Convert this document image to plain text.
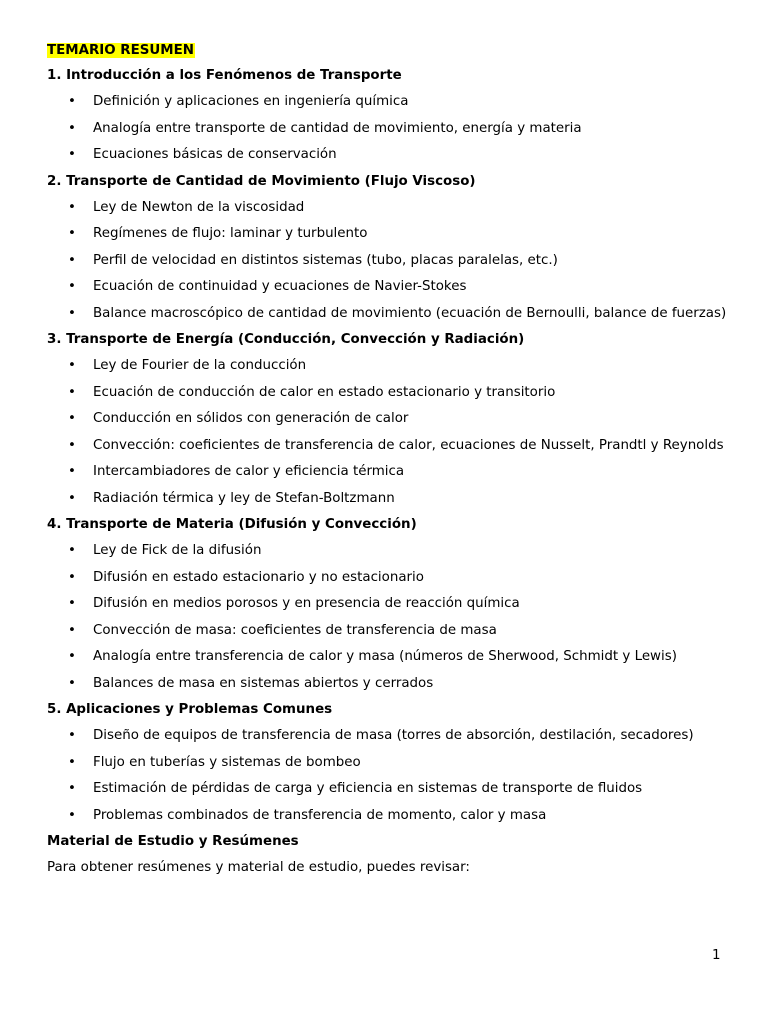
TEMARIO RESUMEN
1. Introducción a los Fenómenos de Transporte
• Definición y aplicaciones en ingeniería química
• Analogía entre transporte de cantidad de movimiento, energía y materia
• Ecuaciones básicas de conservación
2. Transporte de Cantidad de Movimiento (Flujo Viscoso)
• Ley de Newton de la viscosidad
• Regímenes de flujo: laminar y turbulento
• Perfil de velocidad en distintos sistemas (tubo, placas paralelas, etc.)
• Ecuación de continuidad y ecuaciones de Navier-Stokes
• Balance macroscópico de cantidad de movimiento (ecuación de Bernoulli, balance de fuerzas)
3. Transporte de Energía (Conducción, Convección y Radiación)
• Ley de Fourier de la conducción
• Ecuación de conducción de calor en estado estacionario y transitorio
• Conducción en sólidos con generación de calor
• Convección: coeficientes de transferencia de calor, ecuaciones de Nusselt, Prandtl y Reynolds
• Intercambiadores de calor y eficiencia térmica
• Radiación térmica y ley de Stefan-Boltzmann
4. Transporte de Materia (Difusión y Convección)
• Ley de Fick de la difusión
• Difusión en estado estacionario y no estacionario
• Difusión en medios porosos y en presencia de reacción química
• Convección de masa: coeficientes de transferencia de masa
• Analogía entre transferencia de calor y masa (números de Sherwood, Schmidt y Lewis)
• Balances de masa en sistemas abiertos y cerrados
5. Aplicaciones y Problemas Comunes
• Diseño de equipos de transferencia de masa (torres de absorción, destilación, secadores)
• Flujo en tuberías y sistemas de bombeo
• Estimación de pérdidas de carga y eficiencia en sistemas de transporte de fluidos
• Problemas combinados de transferencia de momento, calor y masa
Material de Estudio y Resúmenes

Para obtener resúmenes y material de estudio, puedes revisar:

1
